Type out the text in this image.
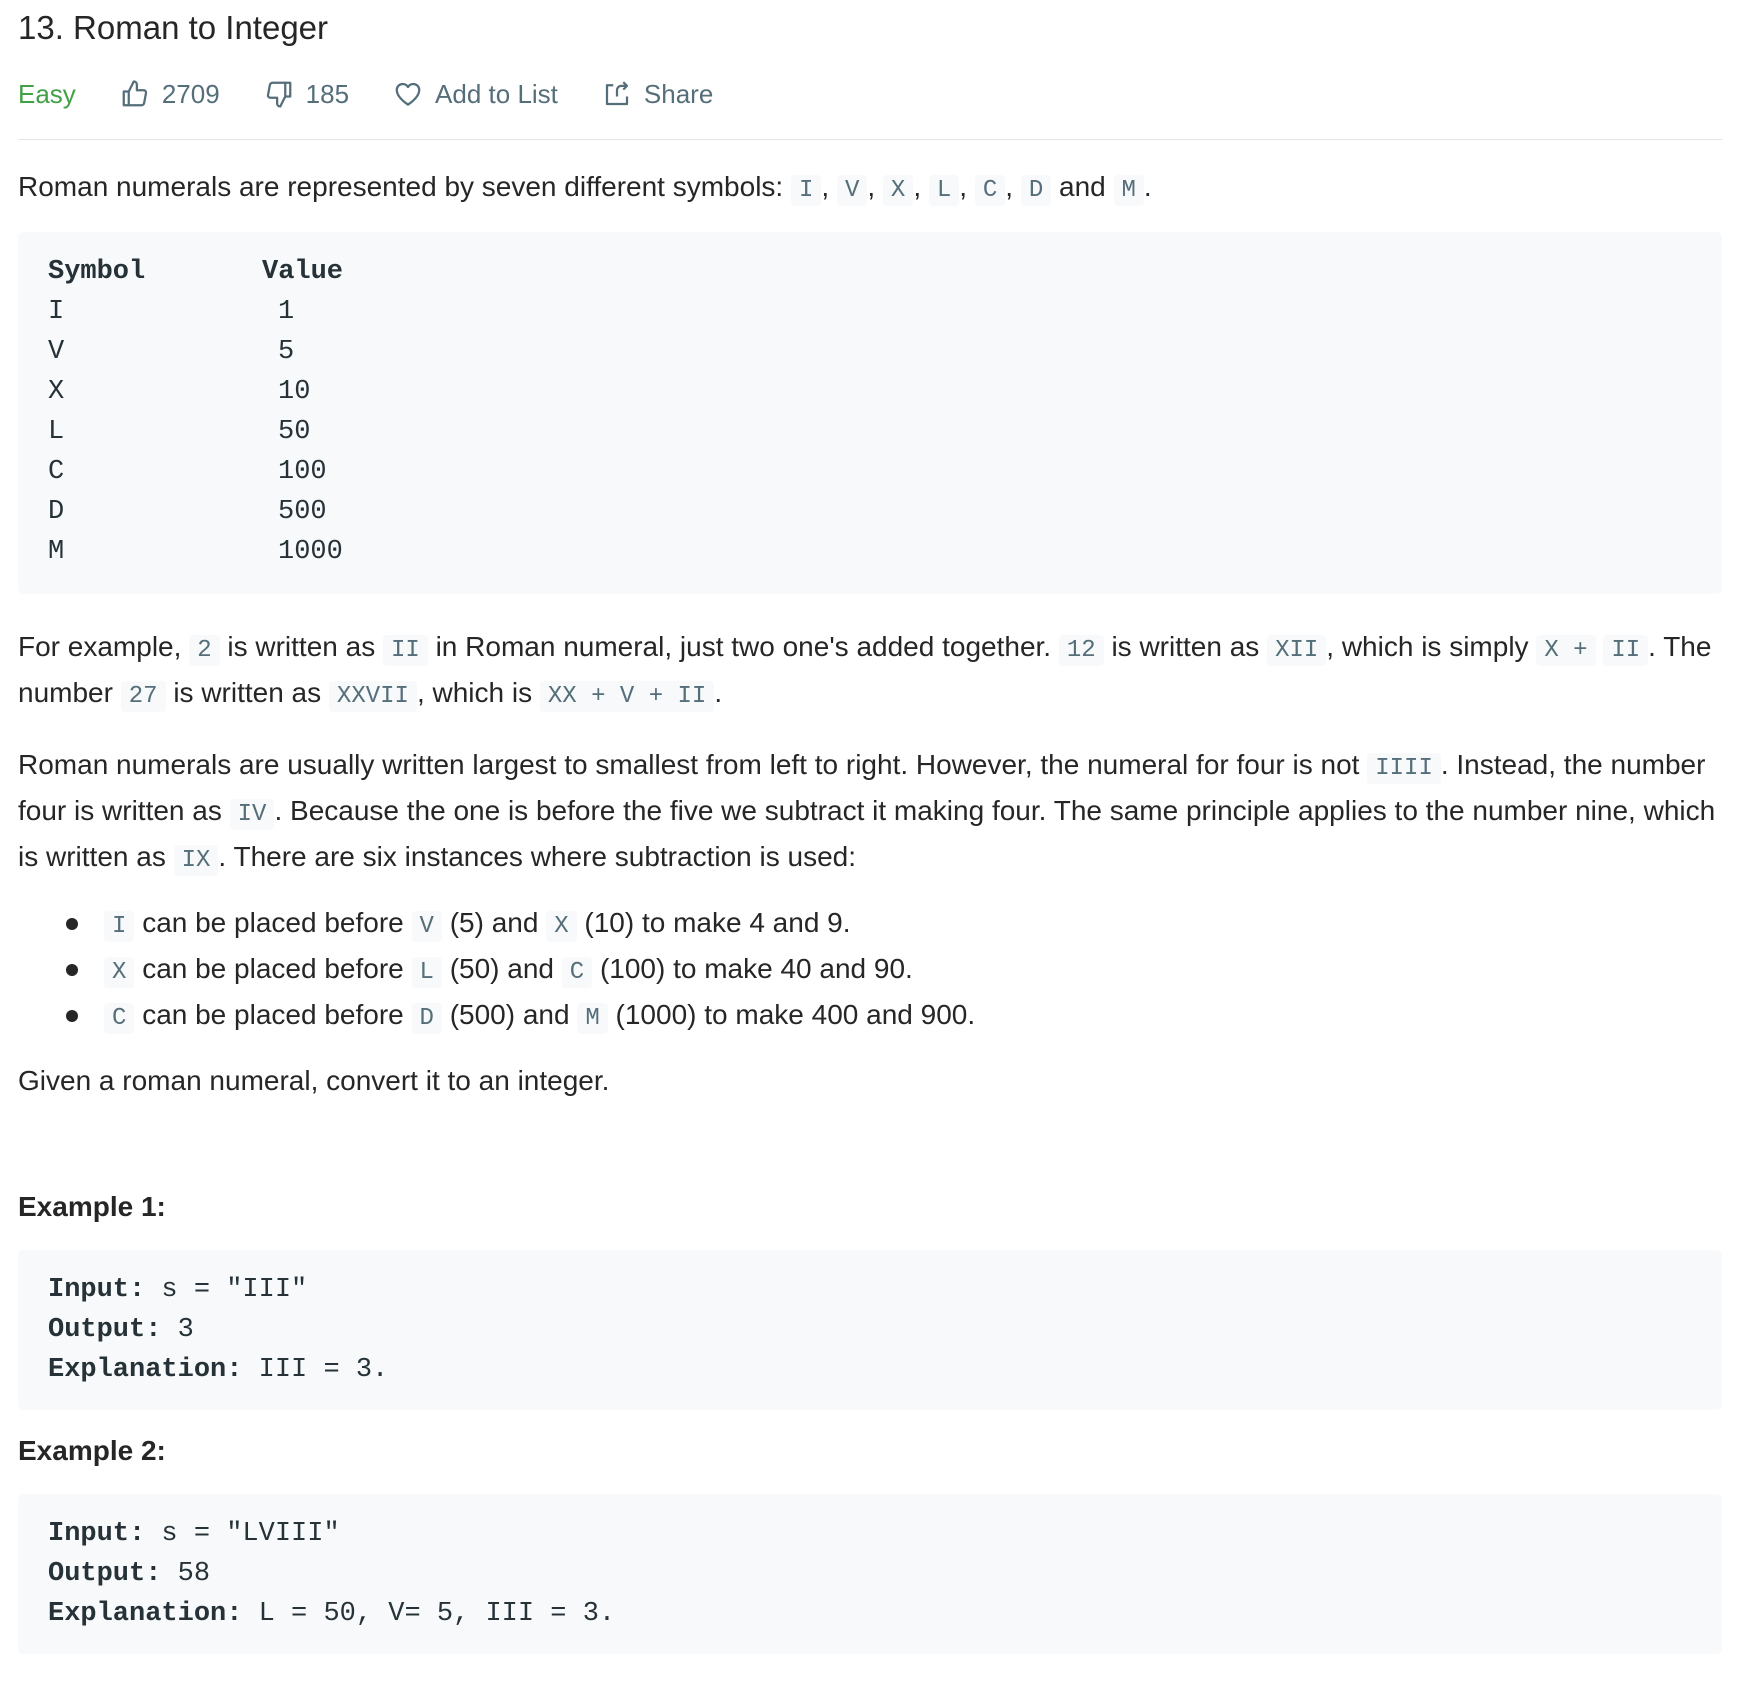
13. Roman to Integer
Easy	2709	185	Add to List	Share

Roman numerals are represented by seven different symbols: I , V , X , L , C , D and M .

Symbol	Value
I	1
V	5
X	10
L	50
C	100
D	500
M	1000

For example, 2 is written as II in Roman numeral, just two one's added together. 12 is written as XII , which is simply X + II . The number 27 is written as XXVII , which is XX + V + II .

Roman numerals are usually written largest to smallest from left to right. However, the numeral for four is not IIII . Instead, the number four is written as IV . Because the one is before the five we subtract it making four. The same principle applies to the number nine, which is written as IX . There are six instances where subtraction is used:

I can be placed before V (5) and X (10) to make 4 and 9.
X can be placed before L (50) and C (100) to make 40 and 90.
C can be placed before D (500) and M (1000) to make 400 and 900.

Given a roman numeral, convert it to an integer.

Example 1:
Input: s = "III"
Output: 3
Explanation: III = 3.
Example 2:
Input: s = "LVIII"
Output: 58
Explanation: L = 50, V= 5, III = 3.
